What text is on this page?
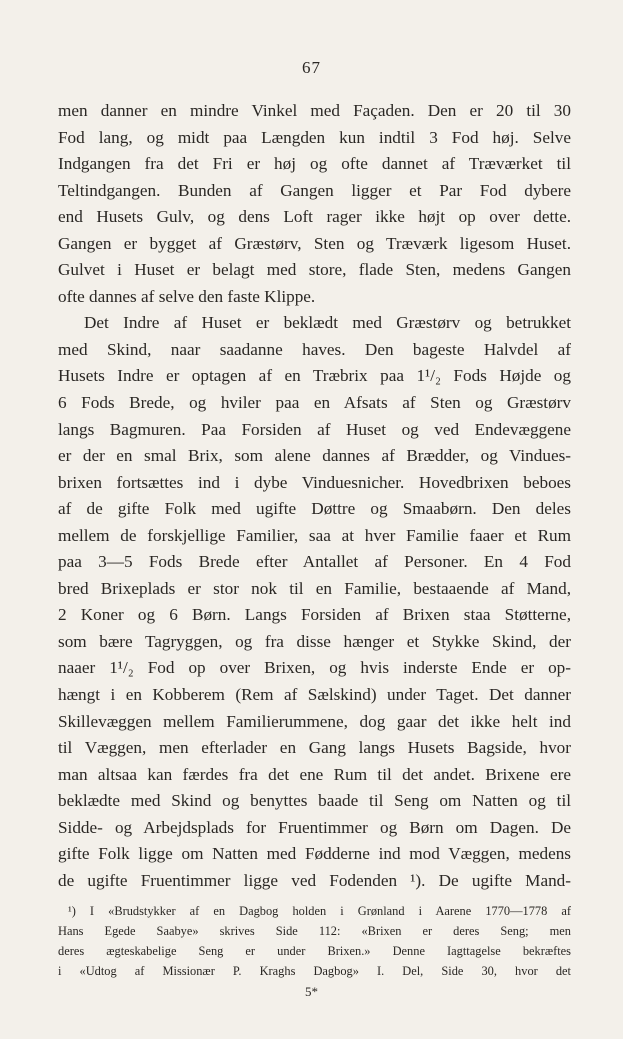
67
men danner en mindre Vinkel med Façaden. Den er 20 til 30
Fod lang, og midt paa Længden kun indtil 3 Fod høj. Selve
Indgangen fra det Fri er høj og ofte dannet af Træværket til
Teltindgangen. Bunden af Gangen ligger et Par Fod dybere
end Husets Gulv, og dens Loft rager ikke højt op over dette.
Gangen er bygget af Græstørv, Sten og Træværk ligesom Huset.
Gulvet i Huset er belagt med store, flade Sten, medens Gangen
ofte dannes af selve den faste Klippe.
Det Indre af Huset er beklædt med Græstørv og betrukket
med Skind, naar saadanne haves. Den bageste Halvdel af
Husets Indre er optagen af en Træbrix paa 1¹/₂ Fods Højde og
6 Fods Brede, og hviler paa en Afsats af Sten og Græstørv
langs Bagmuren. Paa Forsiden af Huset og ved Endevæggene
er der en smal Brix, som alene dannes af Brædder, og Vindues-
brixen fortsættes ind i dybe Vinduesnicher. Hovedbrixen beboes
af de gifte Folk med ugifte Døttre og Smaabørn. Den deles
mellem de forskjellige Familier, saa at hver Familie faaer et Rum
paa 3—5 Fods Brede efter Antallet af Personer. En 4 Fod
bred Brixeplads er stor nok til en Familie, bestaaende af Mand,
2 Koner og 6 Børn. Langs Forsiden af Brixen staa Støtterne,
som bære Tagryggen, og fra disse hænger et Stykke Skind, der
naaer 1¹/₂ Fod op over Brixen, og hvis inderste Ende er op-
hængt i en Kobberem (Rem af Sælskind) under Taget. Det danner
Skillevæggen mellem Familierummene, dog gaar det ikke helt ind
til Væggen, men efterlader en Gang langs Husets Bagside, hvor
man altsaa kan færdes fra det ene Rum til det andet. Brixene ere
beklædte med Skind og benyttes baade til Seng om Natten og til
Sidde- og Arbejdsplads for Fruentimmer og Børn om Dagen. De
gifte Folk ligge om Natten med Fødderne ind mod Væggen, medens
de ugifte Fruentimmer ligge ved Fodenden ¹). De ugifte Mand-
¹) I «Brudstykker af en Dagbog holden i Grønland i Aarene 1770—1778 af
Hans Egede Saabye» skrives Side 112: «Brixen er deres Seng; men
deres ægteskabelige Seng er under Brixen.» Denne Iagttagelse bekræftes
i «Udtog af Missionær P. Kraghs Dagbog» I. Del, Side 30, hvor det
5*
